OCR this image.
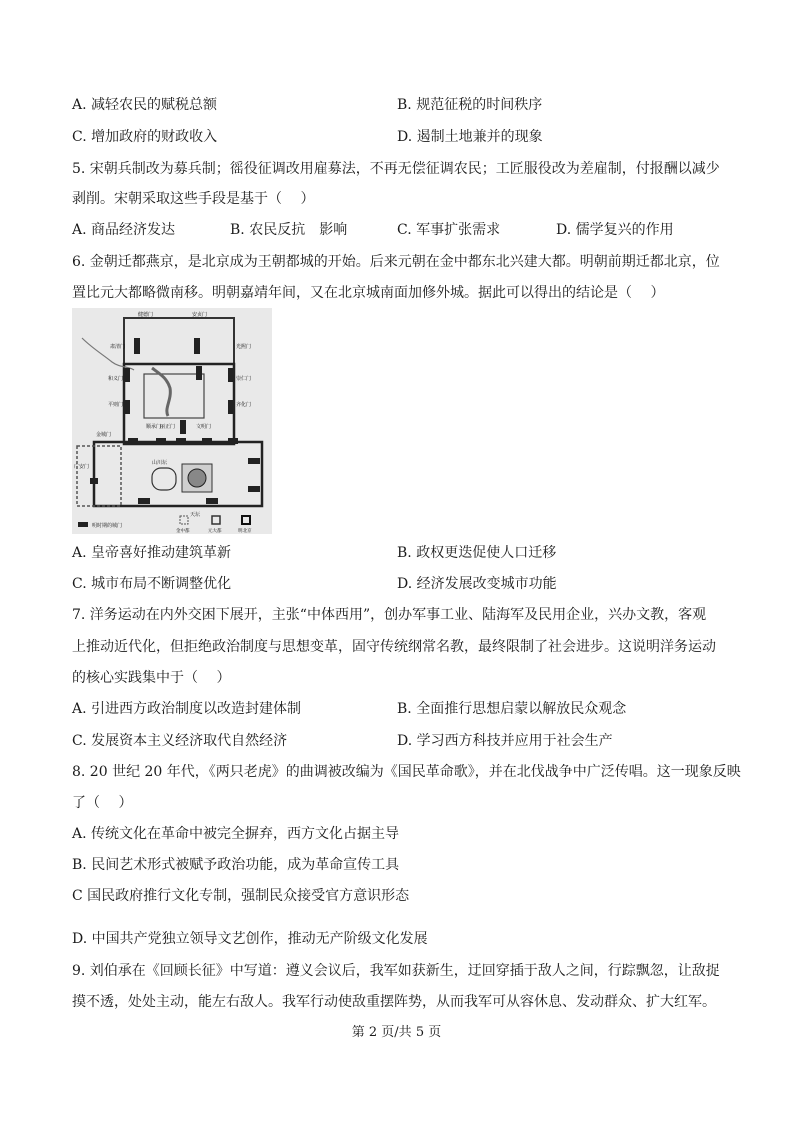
A. 减轻农民的赋税总额	B. 规范征税的时间秩序
C. 增加政府的财政收入	D. 遏制土地兼并的现象
5. 宋朝兵制改为募兵制；徭役征调改用雇募法，不再无偿征调农民；工匠服役改为差雇制，付报酬以减少
剥削。宋朝采取这些手段是基于（　 ）
A. 商品经济发达	B. 农民反抗　影响	C. 军事扩张需求	D. 儒学复兴的作用
6. 金朝迁都燕京，是北京成为王朝都城的开始。后来元朝在金中都东北兴建大都。明朝前期迁都北京，位
置比元大都略微南移。明朝嘉靖年间，又在北京城南面加修外城。据此可以得出的结论是（　 ）
健德门	安贞门
肃清门	光熙门
和义门	崇仁门
平则门	齐化门
丽正门
顺承门	文明门
金城门
广安门
天坛
山川坛
明时期的城门
金中都	元大都	明北京
A. 皇帝喜好推动建筑革新	B. 政权更迭促使人口迁移
C. 城市布局不断调整优化	D. 经济发展改变城市功能
7. 洋务运动在内外交困下展开，主张“中体西用”，创办军事工业、陆海军及民用企业，兴办文教，客观
上推动近代化，但拒绝政治制度与思想变革，固守传统纲常名教，最终限制了社会进步。这说明洋务运动
的核心实践集中于（　 ）
A. 引进西方政治制度以改造封建体制	B. 全面推行思想启蒙以解放民众观念
C. 发展资本主义经济取代自然经济	D. 学习西方科技并应用于社会生产
8. 20 世纪 20 年代，《两只老虎》的曲调被改编为《国民革命歌》，并在北伐战争中广泛传唱。这一现象反映
了（　 ）
A. 传统文化在革命中被完全摒弃，西方文化占据主导
B. 民间艺术形式被赋予政治功能，成为革命宣传工具
C 国民政府推行文化专制，强制民众接受官方意识形态
D. 中国共产党独立领导文艺创作，推动无产阶级文化发展
9. 刘伯承在《回顾长征》中写道：遵义会议后，我军如获新生，迂回穿插于敌人之间，行踪飘忽，让敌捉
摸不透，处处主动，能左右敌人。我军行动使敌重摆阵势，从而我军可从容休息、发动群众、扩大红军。
第 2 页/共 5 页
